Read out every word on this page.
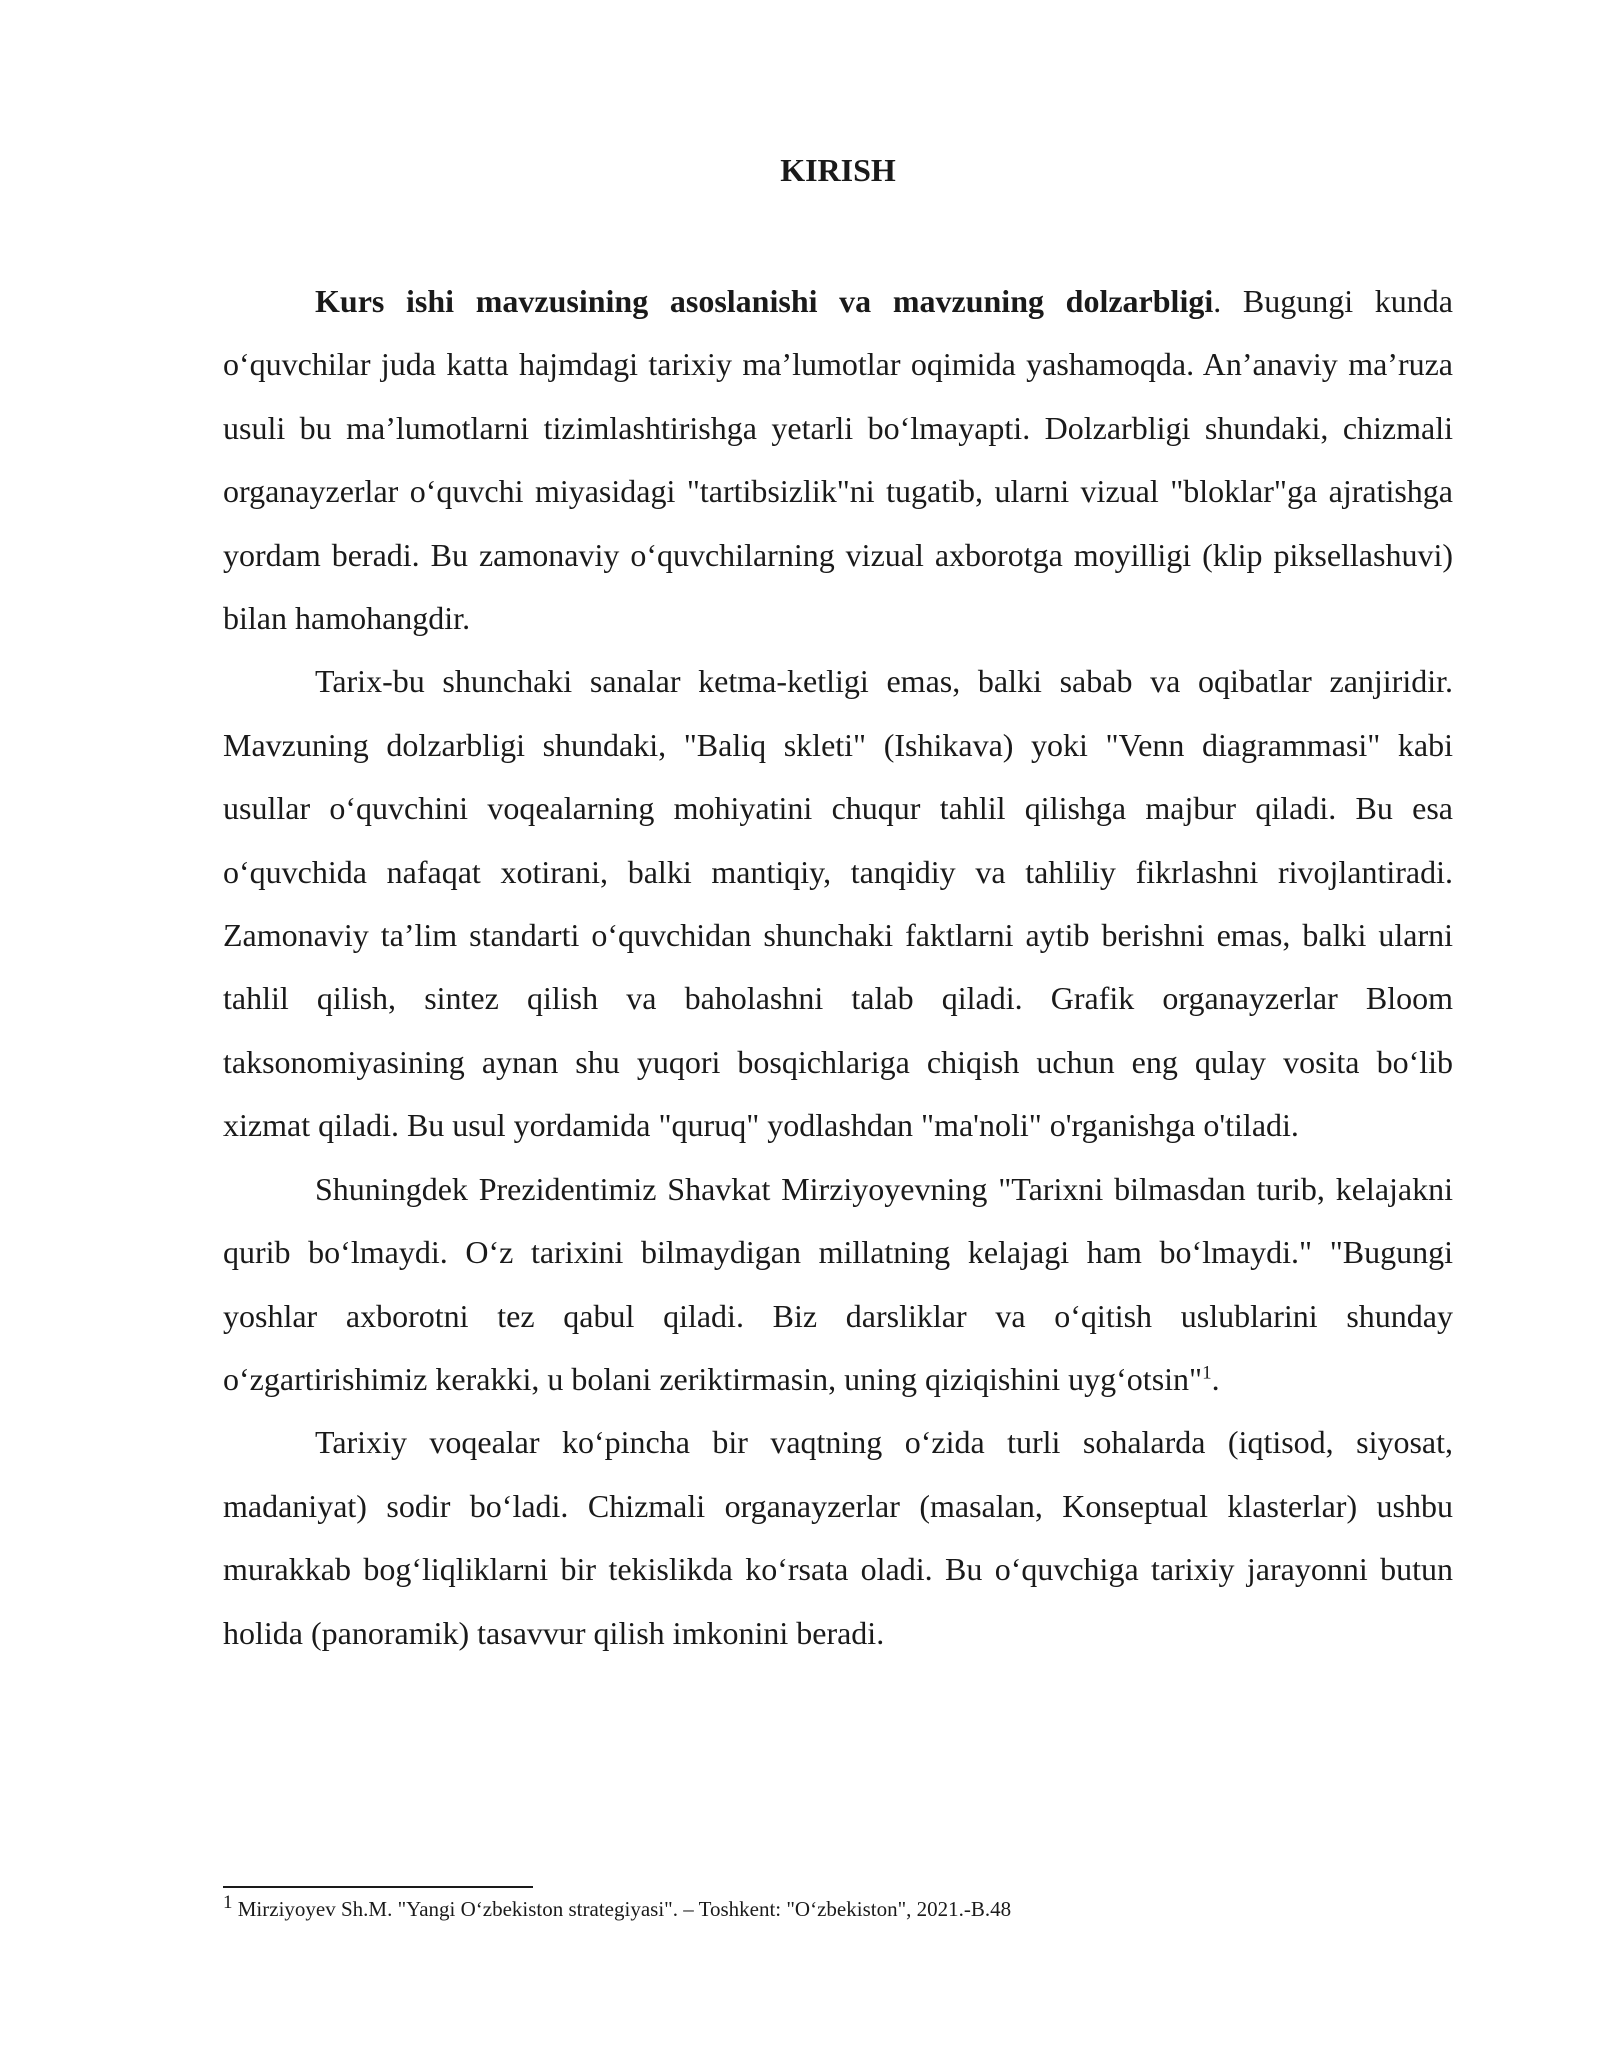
KIRISH

Kurs ishi mavzusining asoslanishi va mavzuning dolzarbligi. Bugungi kunda o‘quvchilar juda katta hajmdagi tarixiy ma’lumotlar oqimida yashamoqda. An’anaviy ma’ruza usuli bu ma’lumotlarni tizimlashtirishga yetarli bo‘lmayapti. Dolzarbligi shundaki, chizmali organayzerlar o‘quvchi miyasidagi "tartibsizlik"ni tugatib, ularni vizual "bloklar"ga ajratishga yordam beradi. Bu zamonaviy o‘quvchilarning vizual axborotga moyilligi (klip piksellashuvi) bilan hamohangdir.

Tarix-bu shunchaki sanalar ketma-ketligi emas, balki sabab va oqibatlar zanjiridir. Mavzuning dolzarbligi shundaki, "Baliq skleti" (Ishikava) yoki "Venn diagrammasi" kabi usullar o‘quvchini voqealarning mohiyatini chuqur tahlil qilishga majbur qiladi. Bu esa o‘quvchida nafaqat xotirani, balki mantiqiy, tanqidiy va tahliliy fikrlashni rivojlantiradi. Zamonaviy ta’lim standarti o‘quvchidan shunchaki faktlarni aytib berishni emas, balki ularni tahlil qilish, sintez qilish va baholashni talab qiladi. Grafik organayzerlar Bloom taksonomiyasining aynan shu yuqori bosqichlariga chiqish uchun eng qulay vosita bo‘lib xizmat qiladi. Bu usul yordamida "quruq" yodlashdan "ma'noli" o'rganishga o'tiladi.

Shuningdek Prezidentimiz Shavkat Mirziyoyevning "Tarixni bilmasdan turib, kelajakni qurib bo‘lmaydi. O‘z tarixini bilmaydigan millatning kelajagi ham bo‘lmaydi." "Bugungi yoshlar axborotni tez qabul qiladi. Biz darsliklar va o‘qitish uslublarini shunday o‘zgartirishimiz kerakki, u bolani zeriktirmasin, uning qiziqishini uyg‘otsin"$^1$.

Tarixiy voqealar ko‘pincha bir vaqtning o‘zida turli sohalarda (iqtisod, siyosat, madaniyat) sodir bo‘ladi. Chizmali organayzerlar (masalan, Konseptual klasterlar) ushbu murakkab bog‘liqliklarni bir tekislikda ko‘rsata oladi. Bu o‘quvchiga tarixiy jarayonni butun holida (panoramik) tasavvur qilish imkonini beradi.

$^1$ Mirziyoyev Sh.M. "Yangi O‘zbekiston strategiyasi". – Toshkent: "O‘zbekiston", 2021.-B.48
